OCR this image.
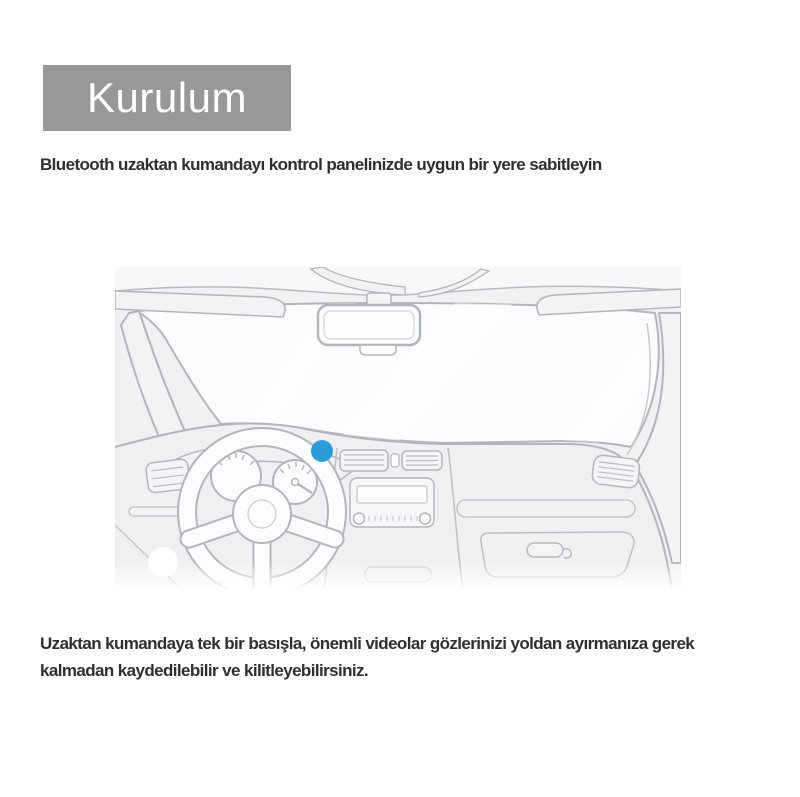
Kurulum
Bluetooth uzaktan kumandayı kontrol panelinizde uygun bir yere sabitleyin
Uzaktan kumandaya tek bir basışla, önemli videolar gözlerinizi yoldan ayırmanıza gerek
kalmadan kaydedilebilir ve kilitleyebilirsiniz.
